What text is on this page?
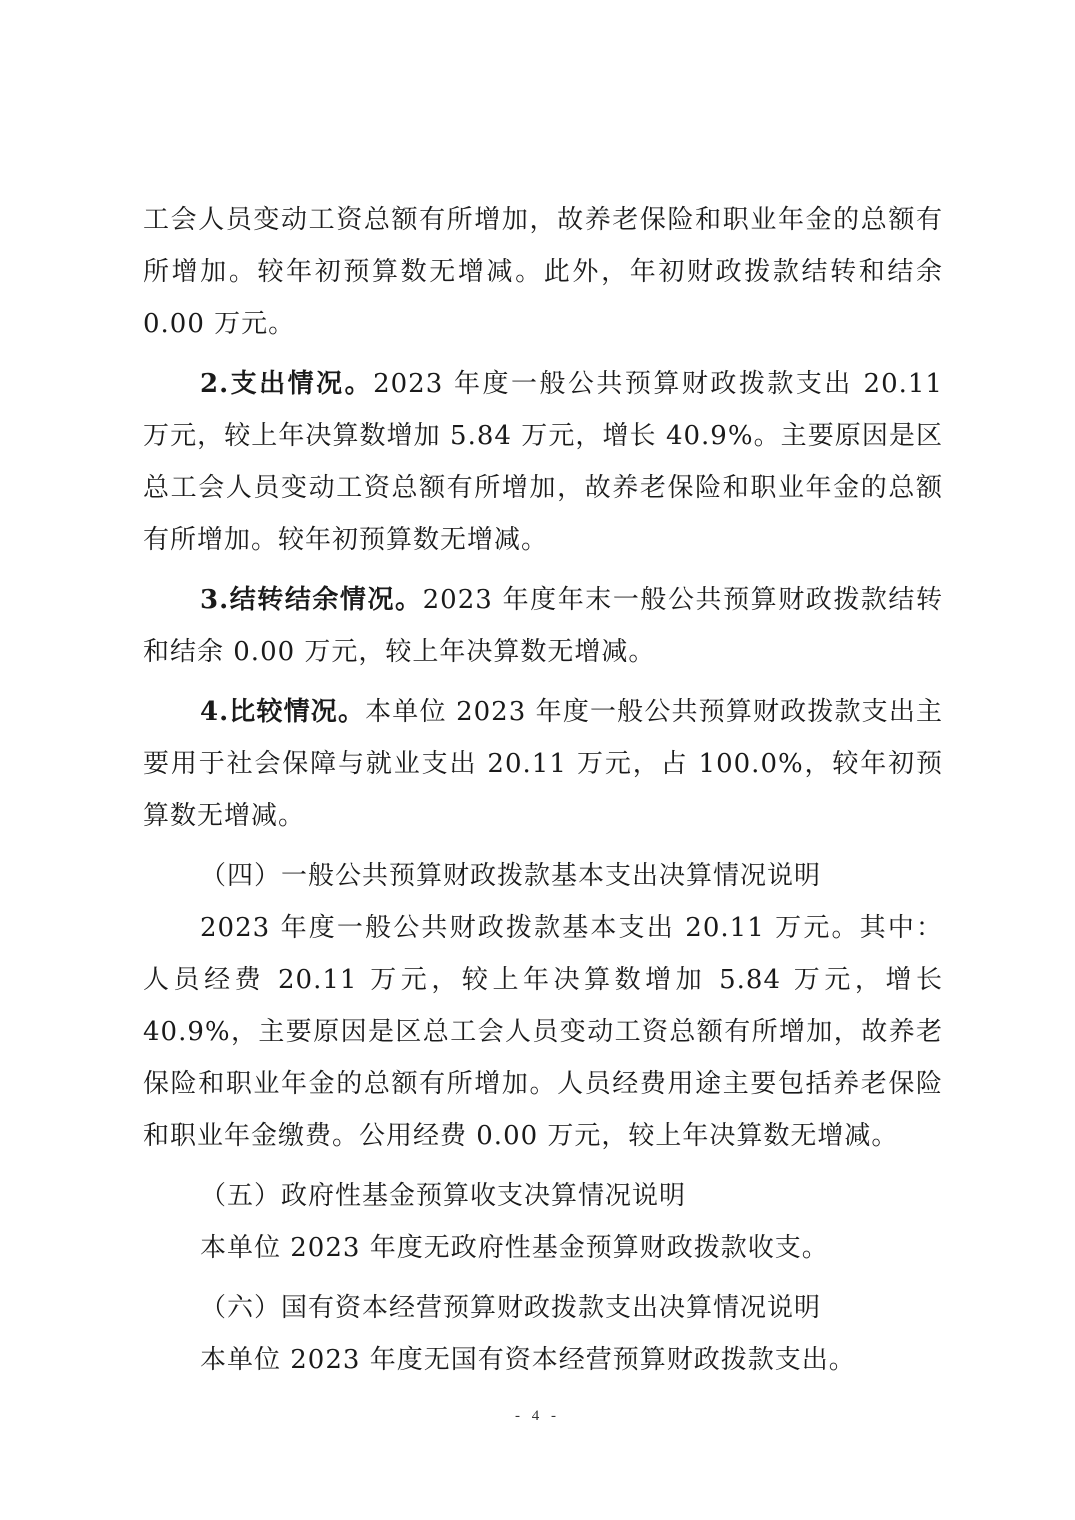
工会人员变动工资总额有所增加，故养老保险和职业年金的总额有所增加。较年初预算数无增减。此外，年初财政拨款结转和结余 0.00 万元。

2.支出情况。2023 年度一般公共预算财政拨款支出 20.11 万元，较上年决算数增加 5.84 万元，增长 40.9%。主要原因是区总工会人员变动工资总额有所增加，故养老保险和职业年金的总额有所增加。较年初预算数无增减。

3.结转结余情况。2023 年度年末一般公共预算财政拨款结转和结余 0.00 万元，较上年决算数无增减。

4.比较情况。本单位 2023 年度一般公共预算财政拨款支出主要用于社会保障与就业支出 20.11 万元，占 100.0%，较年初预算数无增减。

（四）一般公共预算财政拨款基本支出决算情况说明

2023 年度一般公共财政拨款基本支出 20.11 万元。其中：人员经费 20.11 万元，较上年决算数增加 5.84 万元，增长 40.9%，主要原因是区总工会人员变动工资总额有所增加，故养老保险和职业年金的总额有所增加。人员经费用途主要包括养老保险和职业年金缴费。公用经费 0.00 万元，较上年决算数无增减。

（五）政府性基金预算收支决算情况说明

本单位 2023 年度无政府性基金预算财政拨款收支。

（六）国有资本经营预算财政拨款支出决算情况说明

本单位 2023 年度无国有资本经营预算财政拨款支出。

- 4 -
